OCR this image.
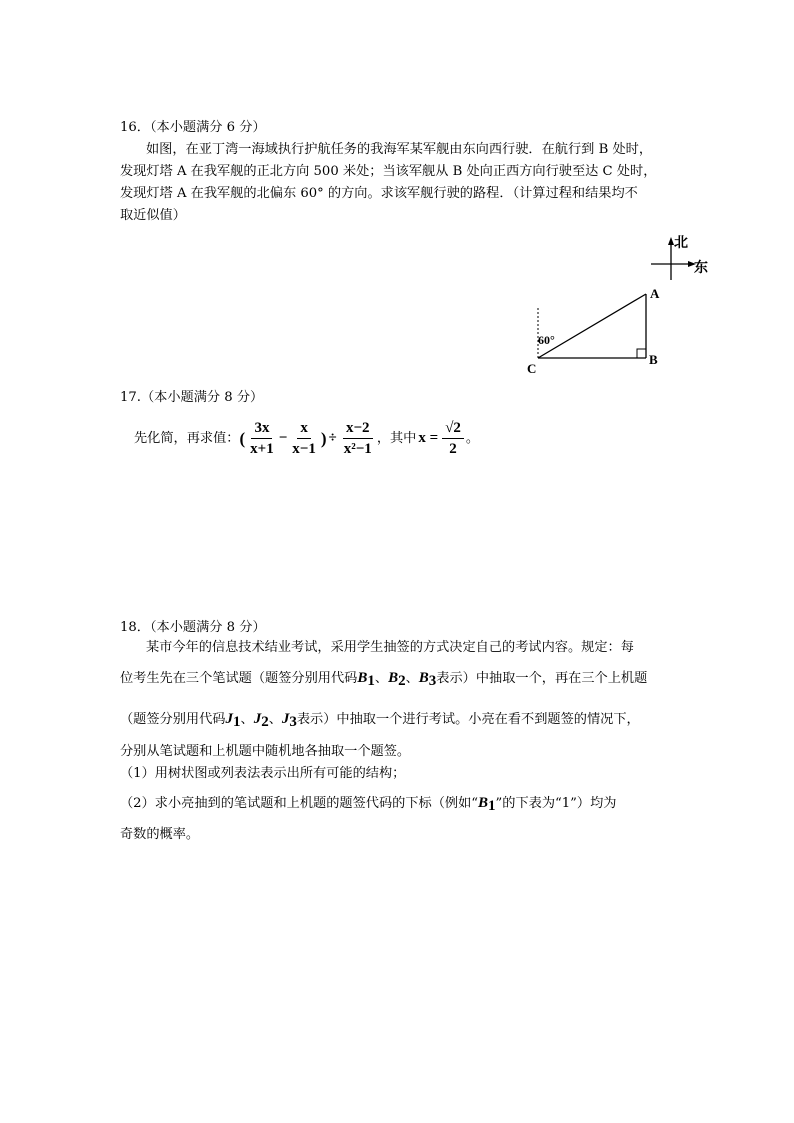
16．（本小题满分 6 分）
如图，在亚丁湾一海域执行护航任务的我海军某军舰由东向西行驶．在航行到 B 处时，
发现灯塔 A 在我军舰的正北方向 500 米处；当该军舰从 B 处向正西方向行驶至达 C 处时，
发现灯塔 A 在我军舰的北偏东 60° 的方向。求该军舰行驶的路程．（计算过程和结果均不
取近似值）
北
东
A
B
C
60°
17.（本小题满分 8 分）
先化简，再求值： ( $\frac{3x}{x+1} - \frac{x}{x-1}$ ) ÷ $\frac{x-2}{\text{x²−1}}$ ，其中 $x = \frac{√2}{2}$ 。
18．（本小题满分 8 分）
某市今年的信息技术结业考试，采用学生抽签的方式决定自己的考试内容。规定：每
位考生先在三个笔试题（题签分别用代码$B_1$、$B_2$、$B_3$表示）中抽取一个，再在三个上机题
（题签分别用代码$J_1$、$J_2$、$J_3$表示）中抽取一个进行考试。小亮在看不到题签的情况下，
分别从笔试题和上机题中随机地各抽取一个题签。
（1）用树状图或列表法表示出所有可能的结构；
（2）求小亮抽到的笔试题和上机题的题签代码的下标（例如“$B_1$”的下表为“1”）均为
奇数的概率。
